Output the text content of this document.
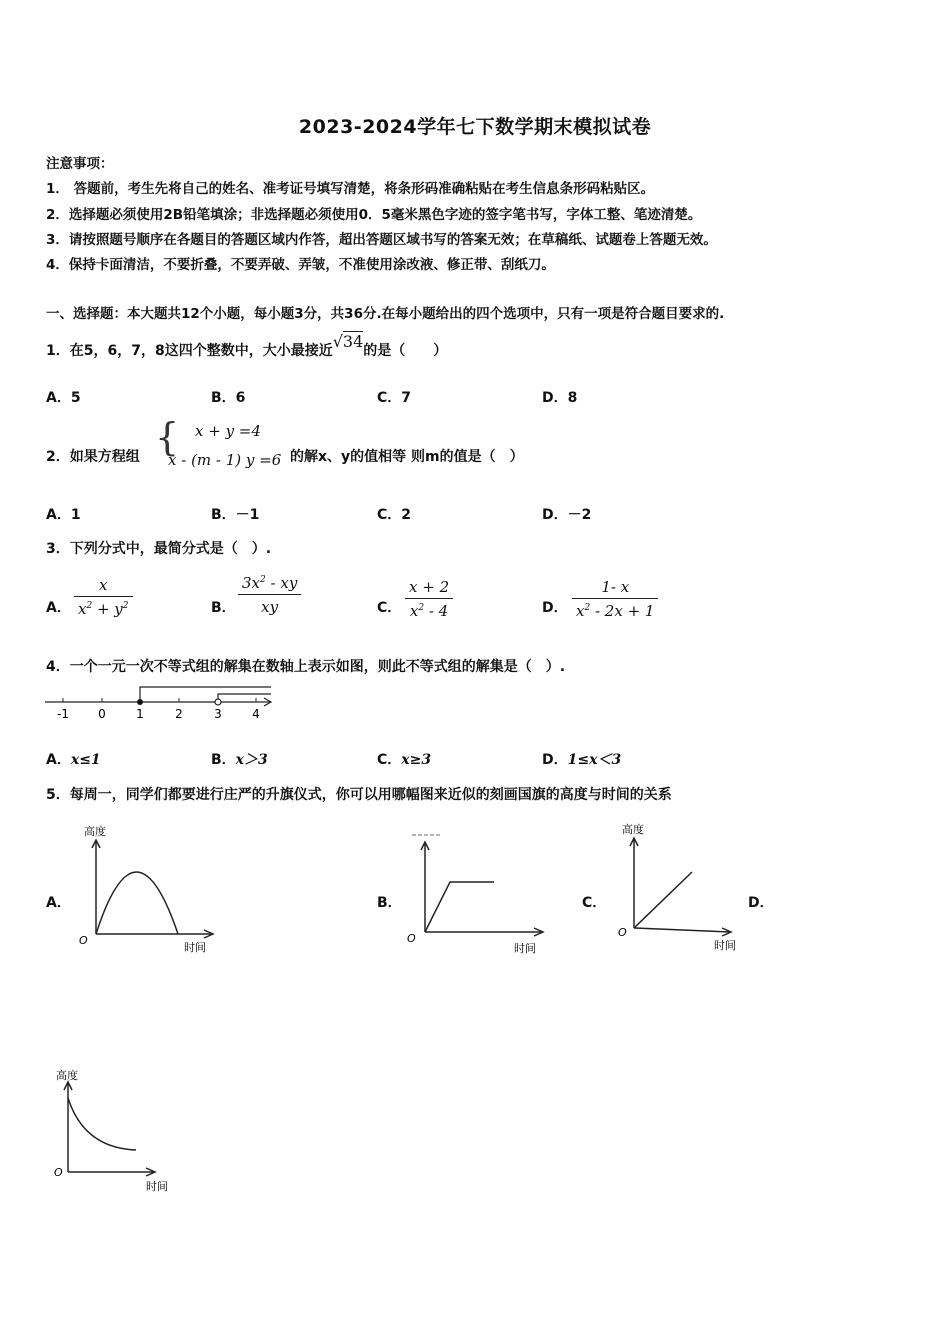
2023-2024学年七下数学期末模拟试卷
注意事项：
1． 答题前，考生先将自己的姓名、准考证号填写清楚，将条形码准确粘贴在考生信息条形码粘贴区。
2．选择题必须使用2B铅笔填涂；非选择题必须使用0．5毫米黑色字迹的签字笔书写，字体工整、笔迹清楚。
3．请按照题号顺序在各题目的答题区域内作答，超出答题区域书写的答案无效；在草稿纸、试题卷上答题无效。
4．保持卡面清洁，不要折叠，不要弄破、弄皱，不准使用涂改液、修正带、刮纸刀。
一、选择题：本大题共12个小题，每小题3分，共36分.在每小题给出的四个选项中，只有一项是符合题目要求的.
1．在5，6，7，8这四个整数中，大小最接近√34的是（　　）
A．5	B．6	C．7	D．8
2．如果方程组 { x + y =4
x - (m - 1) y =6 的解x、y的值相等 则m的值是（　）
A．1	B．－1	C．2	D．－2
3．下列分式中，最简分式是（　）.
A． $\frac{x}{x^2 + y^2}$	B． $\frac{3x^2 - xy}{xy}$	C． $\frac{x + 2}{x^2 - 4}$	D． $\frac{1- x}{x^2 - 2x + 1}$
4．一个一元一次不等式组的解集在数轴上表示如图，则此不等式组的解集是（　）.
-1 0	1	2	3	4
A．x≤1	B．x＞3	C．x≥3	D．1≤x＜3
5．每周一，同学们都要进行庄严的升旗仪式，你可以用哪幅图来近似的刻画国旗的高度与时间的关系
A．
高度
时间
O
B．
时间
O
C．
高度
时间
O
D．
高度
时间
O
